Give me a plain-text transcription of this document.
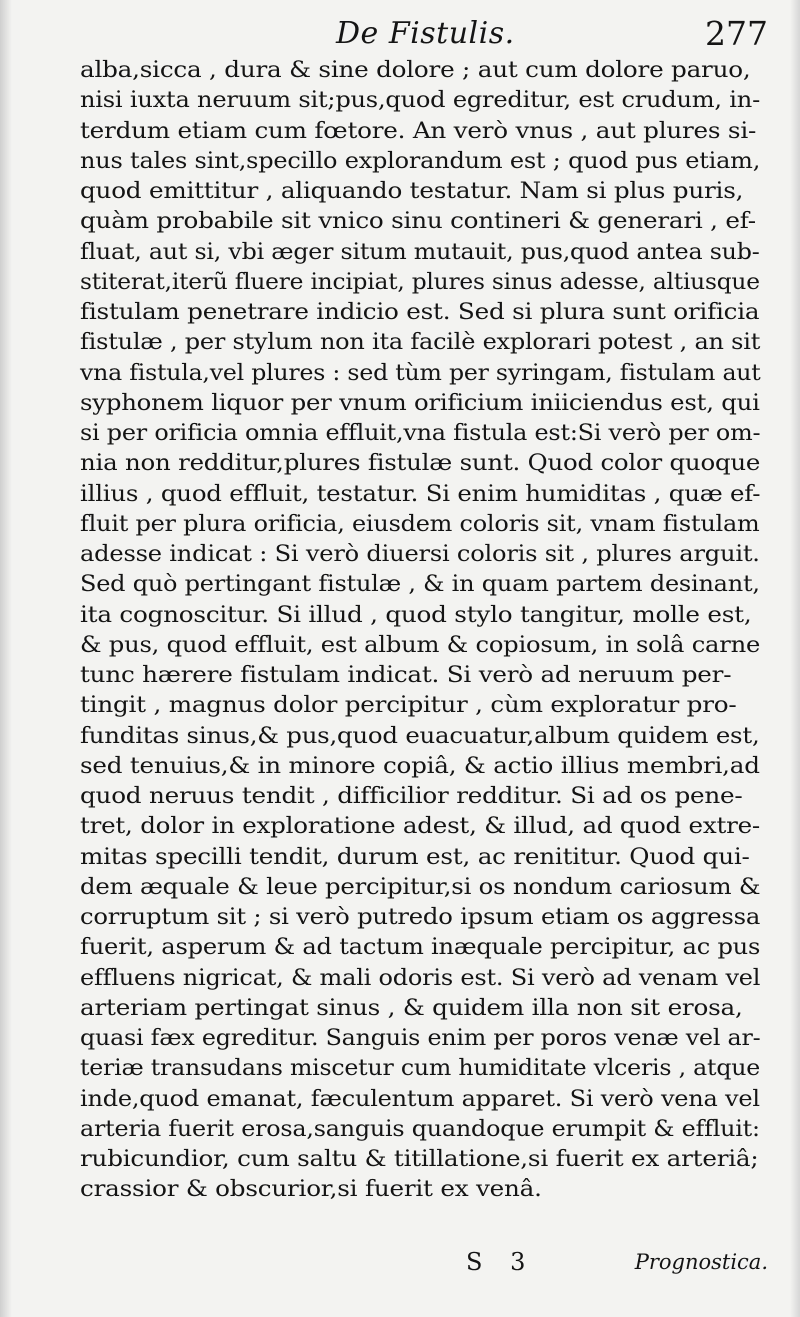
De Fistulis.	277
alba,sicca , dura & sine dolore ; aut cum dolore paruo,
nisi iuxta neruum sit;pus,quod egreditur, est crudum, in-
terdum etiam cum fœtore. An verò vnus , aut plures si-
nus tales sint,specillo explorandum est ; quod pus etiam,
quod emittitur , aliquando testatur. Nam si plus puris,
quàm probabile sit vnico sinu contineri & generari , ef-
fluat, aut si, vbi æger situm mutauit, pus,quod antea sub-
stiterat,iterũ fluere incipiat, plures sinus adesse, altiusque
fistulam penetrare indicio est. Sed si plura sunt orificia
fistulæ , per stylum non ita facilè explorari potest , an sit
vna fistula,vel plures : sed tùm per syringam, fistulam aut
syphonem liquor per vnum orificium iniiciendus est, qui
si per orificia omnia effluit,vna fistula est:Si verò per om-
nia non redditur,plures fistulæ sunt. Quod color quoque
illius , quod effluit, testatur. Si enim humiditas , quæ ef-
fluit per plura orificia, eiusdem coloris sit, vnam fistulam
adesse indicat : Si verò diuersi coloris sit , plures arguit.
Sed quò pertingant fistulæ , & in quam partem desinant,
ita cognoscitur. Si illud , quod stylo tangitur, molle est,
& pus, quod effluit, est album & copiosum, in solâ carne
tunc hærere fistulam indicat. Si verò ad neruum per-
tingit , magnus dolor percipitur , cùm exploratur pro-
funditas sinus,& pus,quod euacuatur,album quidem est,
sed tenuius,& in minore copiâ, & actio illius membri,ad
quod neruus tendit , difficilior redditur. Si ad os pene-
tret, dolor in exploratione adest, & illud, ad quod extre-
mitas specilli tendit, durum est, ac renititur. Quod qui-
dem æquale & leue percipitur,si os nondum cariosum &
corruptum sit ; si verò putredo ipsum etiam os aggressa
fuerit, asperum & ad tactum inæquale percipitur, ac pus
effluens nigricat, & mali odoris est. Si verò ad venam vel
arteriam pertingat sinus , & quidem illa non sit erosa,
quasi fæx egreditur. Sanguis enim per poros venæ vel ar-
teriæ transudans miscetur cum humiditate vlceris , atque
inde,quod emanat, fæculentum apparet. Si verò vena vel
arteria fuerit erosa,sanguis quandoque erumpit & effluit:
rubicundior, cum saltu & titillatione,si fuerit ex arteriâ;
crassior & obscurior,si fuerit ex venâ.
S 3	Prognostica.
